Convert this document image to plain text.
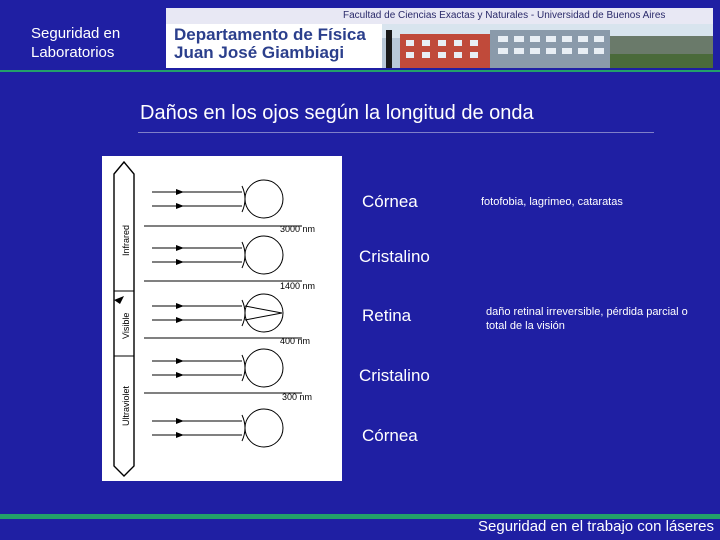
Seguridad en Laboratorios
Facultad de Ciencias Exactas y Naturales - Universidad de Buenos Aires
Departamento de Física
Juan José Giambiagi
Daños en los ojos según la longitud de onda
Infrared
Visible
Ultraviolet
3000 nm
1400 nm
400 nm
300 nm
Córnea
Cristalino
Retina
Cristalino
Córnea
fotofobia, lagrimeo, cataratas
daño retinal irreversible, pérdida parcial o total de la visión
Seguridad en el trabajo con láseres
